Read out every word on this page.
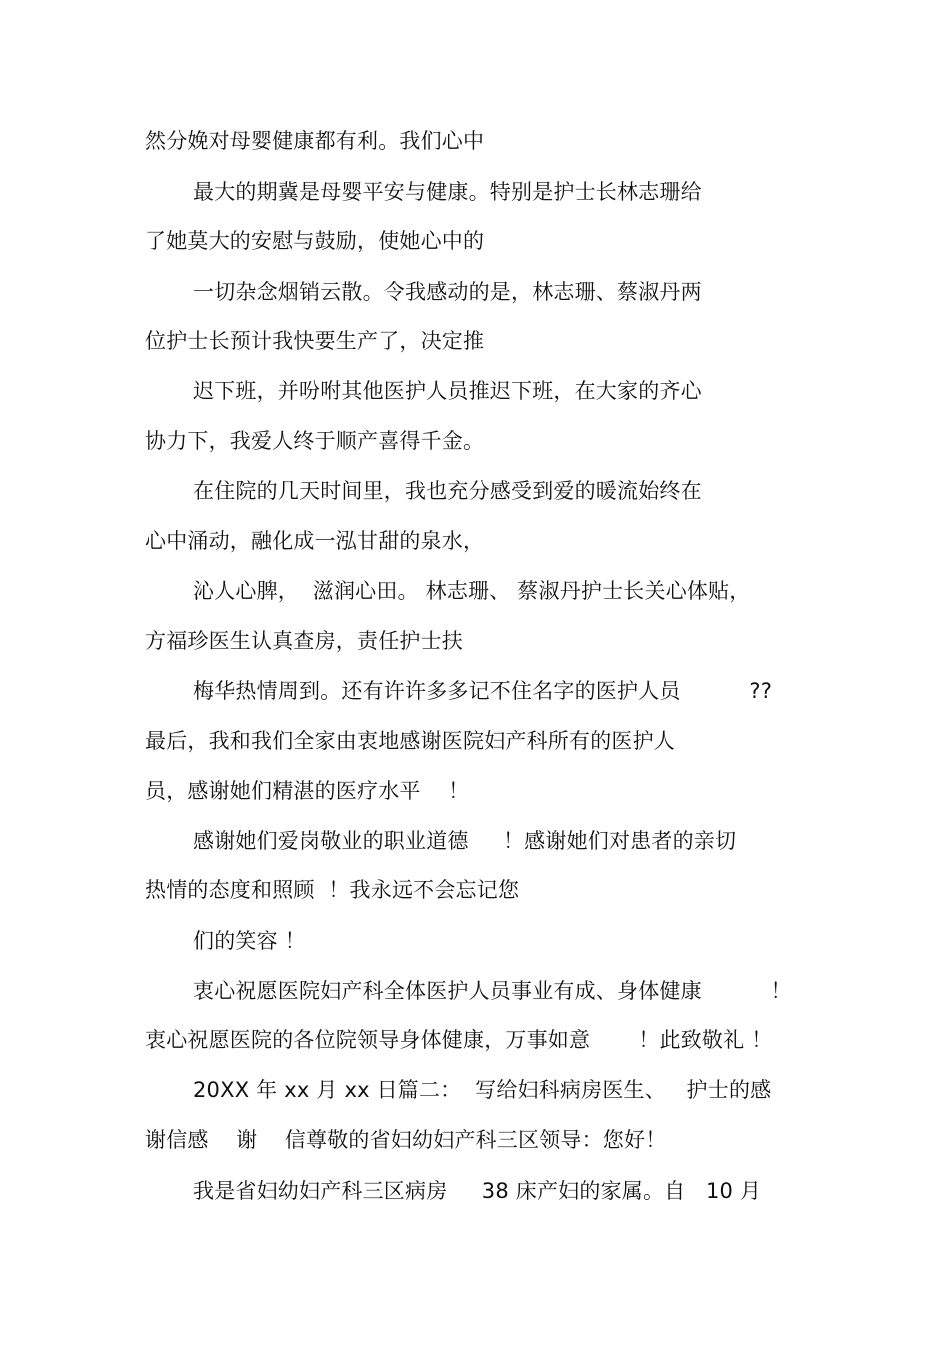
然分娩对母婴健康都有利。我们心中
最大的期冀是母婴平安与健康。特别是护士长林志珊给
了她莫大的安慰与鼓励，使她心中的
一切杂念烟销云散。令我感动的是，林志珊、蔡淑丹两
位护士长预计我快要生产了，决定推
迟下班，并吩咐其他医护人员推迟下班，在大家的齐心
协力下，我爱人终于顺产喜得千金。
在住院的几天时间里，我也充分感受到爱的暖流始终在
心中涌动，融化成一泓甘甜的泉水，
沁人心脾，  滋润心田。 林志珊、 蔡淑丹护士长关心体贴，
方福珍医生认真查房，责任护士扶
梅华热情周到。还有许许多多记不住名字的医护人员          ??
最后，我和我们全家由衷地感谢医院妇产科所有的医护人
员，感谢她们精湛的医疗水平    ！
感谢她们爱岗敬业的职业道德     ！感谢她们对患者的亲切
热情的态度和照顾  ！我永远不会忘记您
们的笑容 ！
衷心祝愿医院妇产科全体医护人员事业有成、身体健康          ！
衷心祝愿医院的各位院领导身体健康，万事如意       ！此致敬礼 ！
20XX 年 xx 月 xx 日篇二：  写给妇科病房医生、   护士的感
谢信感    谢    信尊敬的省妇幼妇产科三区领导：您好！
我是省妇幼妇产科三区病房     38 床产妇的家属。自   10 月
